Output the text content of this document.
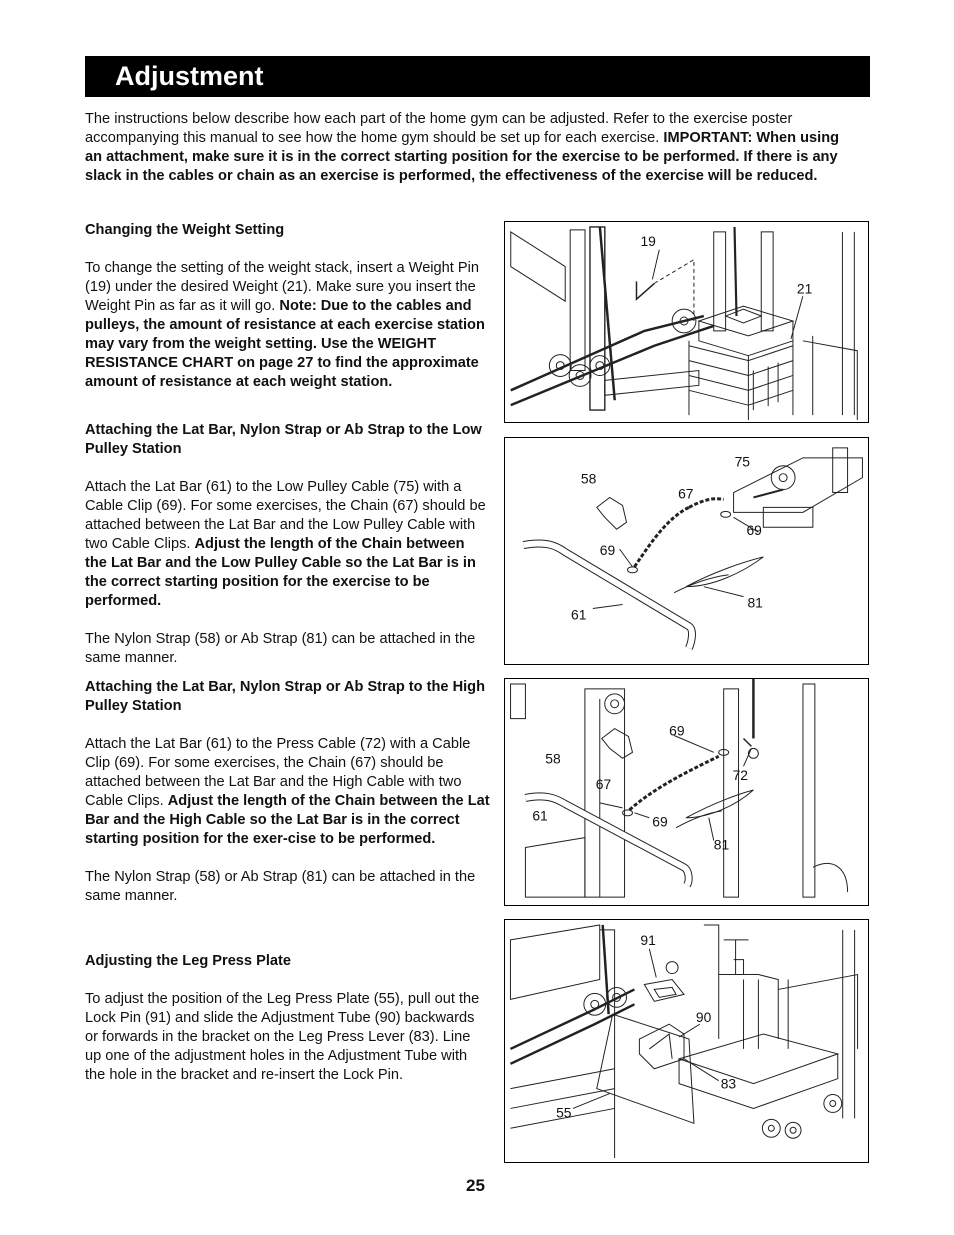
Adjustment

The instructions below describe how each part of the home gym can be adjusted. Refer to the exercise poster accompanying this manual to see how the home gym should be set up for each exercise. IMPORTANT: When using an attachment, make sure it is in the correct starting position for the exercise to be performed. If there is any slack in the cables or chain as an exercise is performed, the effectiveness of the exercise will be reduced.

Changing the Weight Setting

To change the setting of the weight stack, insert a Weight Pin (19) under the desired Weight (21). Make sure you insert the Weight Pin as far as it will go. Note: Due to the cables and pulleys, the amount of resistance at each exercise station may vary from the weight setting. Use the WEIGHT RESISTANCE CHART on page 27 to find the approximate amount of resistance at each weight station.

Attaching the Lat Bar, Nylon Strap or Ab Strap to the Low Pulley Station

Attach the Lat Bar (61) to the Low Pulley Cable (75) with a Cable Clip (69). For some exercises, the Chain (67) should be attached between the Lat Bar and the Low Pulley Cable with two Cable Clips. Adjust the length of the Chain between the Lat Bar and the Low Pulley Cable so the Lat Bar is in the correct starting position for the exercise to be performed.

The Nylon Strap (58) or Ab Strap (81) can be attached in the same manner.

Attaching the Lat Bar, Nylon Strap or Ab Strap to the High Pulley Station

Attach the Lat Bar (61) to the Press Cable (72) with a Cable Clip (69). For some exercises, the Chain (67) should be attached between the Lat Bar and the High Cable with two Cable Clips. Adjust the length of the Chain between the Lat Bar and the High Cable so the Lat Bar is in the correct starting position for the exer-cise to be performed.

The Nylon Strap (58) or Ab Strap (81) can be attached in the same manner.

Adjusting the Leg Press Plate

To adjust the position of the Leg Press Plate (55), pull out the Lock Pin (91) and slide the Adjustment Tube (90) backwards or forwards in the bracket on the Leg Press Lever (83). Line up one of the adjustment holes in the Adjustment Tube with the hole in the bracket and re-insert the Lock Pin.

19
21
58
67
75
69
69
61
81
58
69
67
72
61	69
81
91
90
83
55
25
